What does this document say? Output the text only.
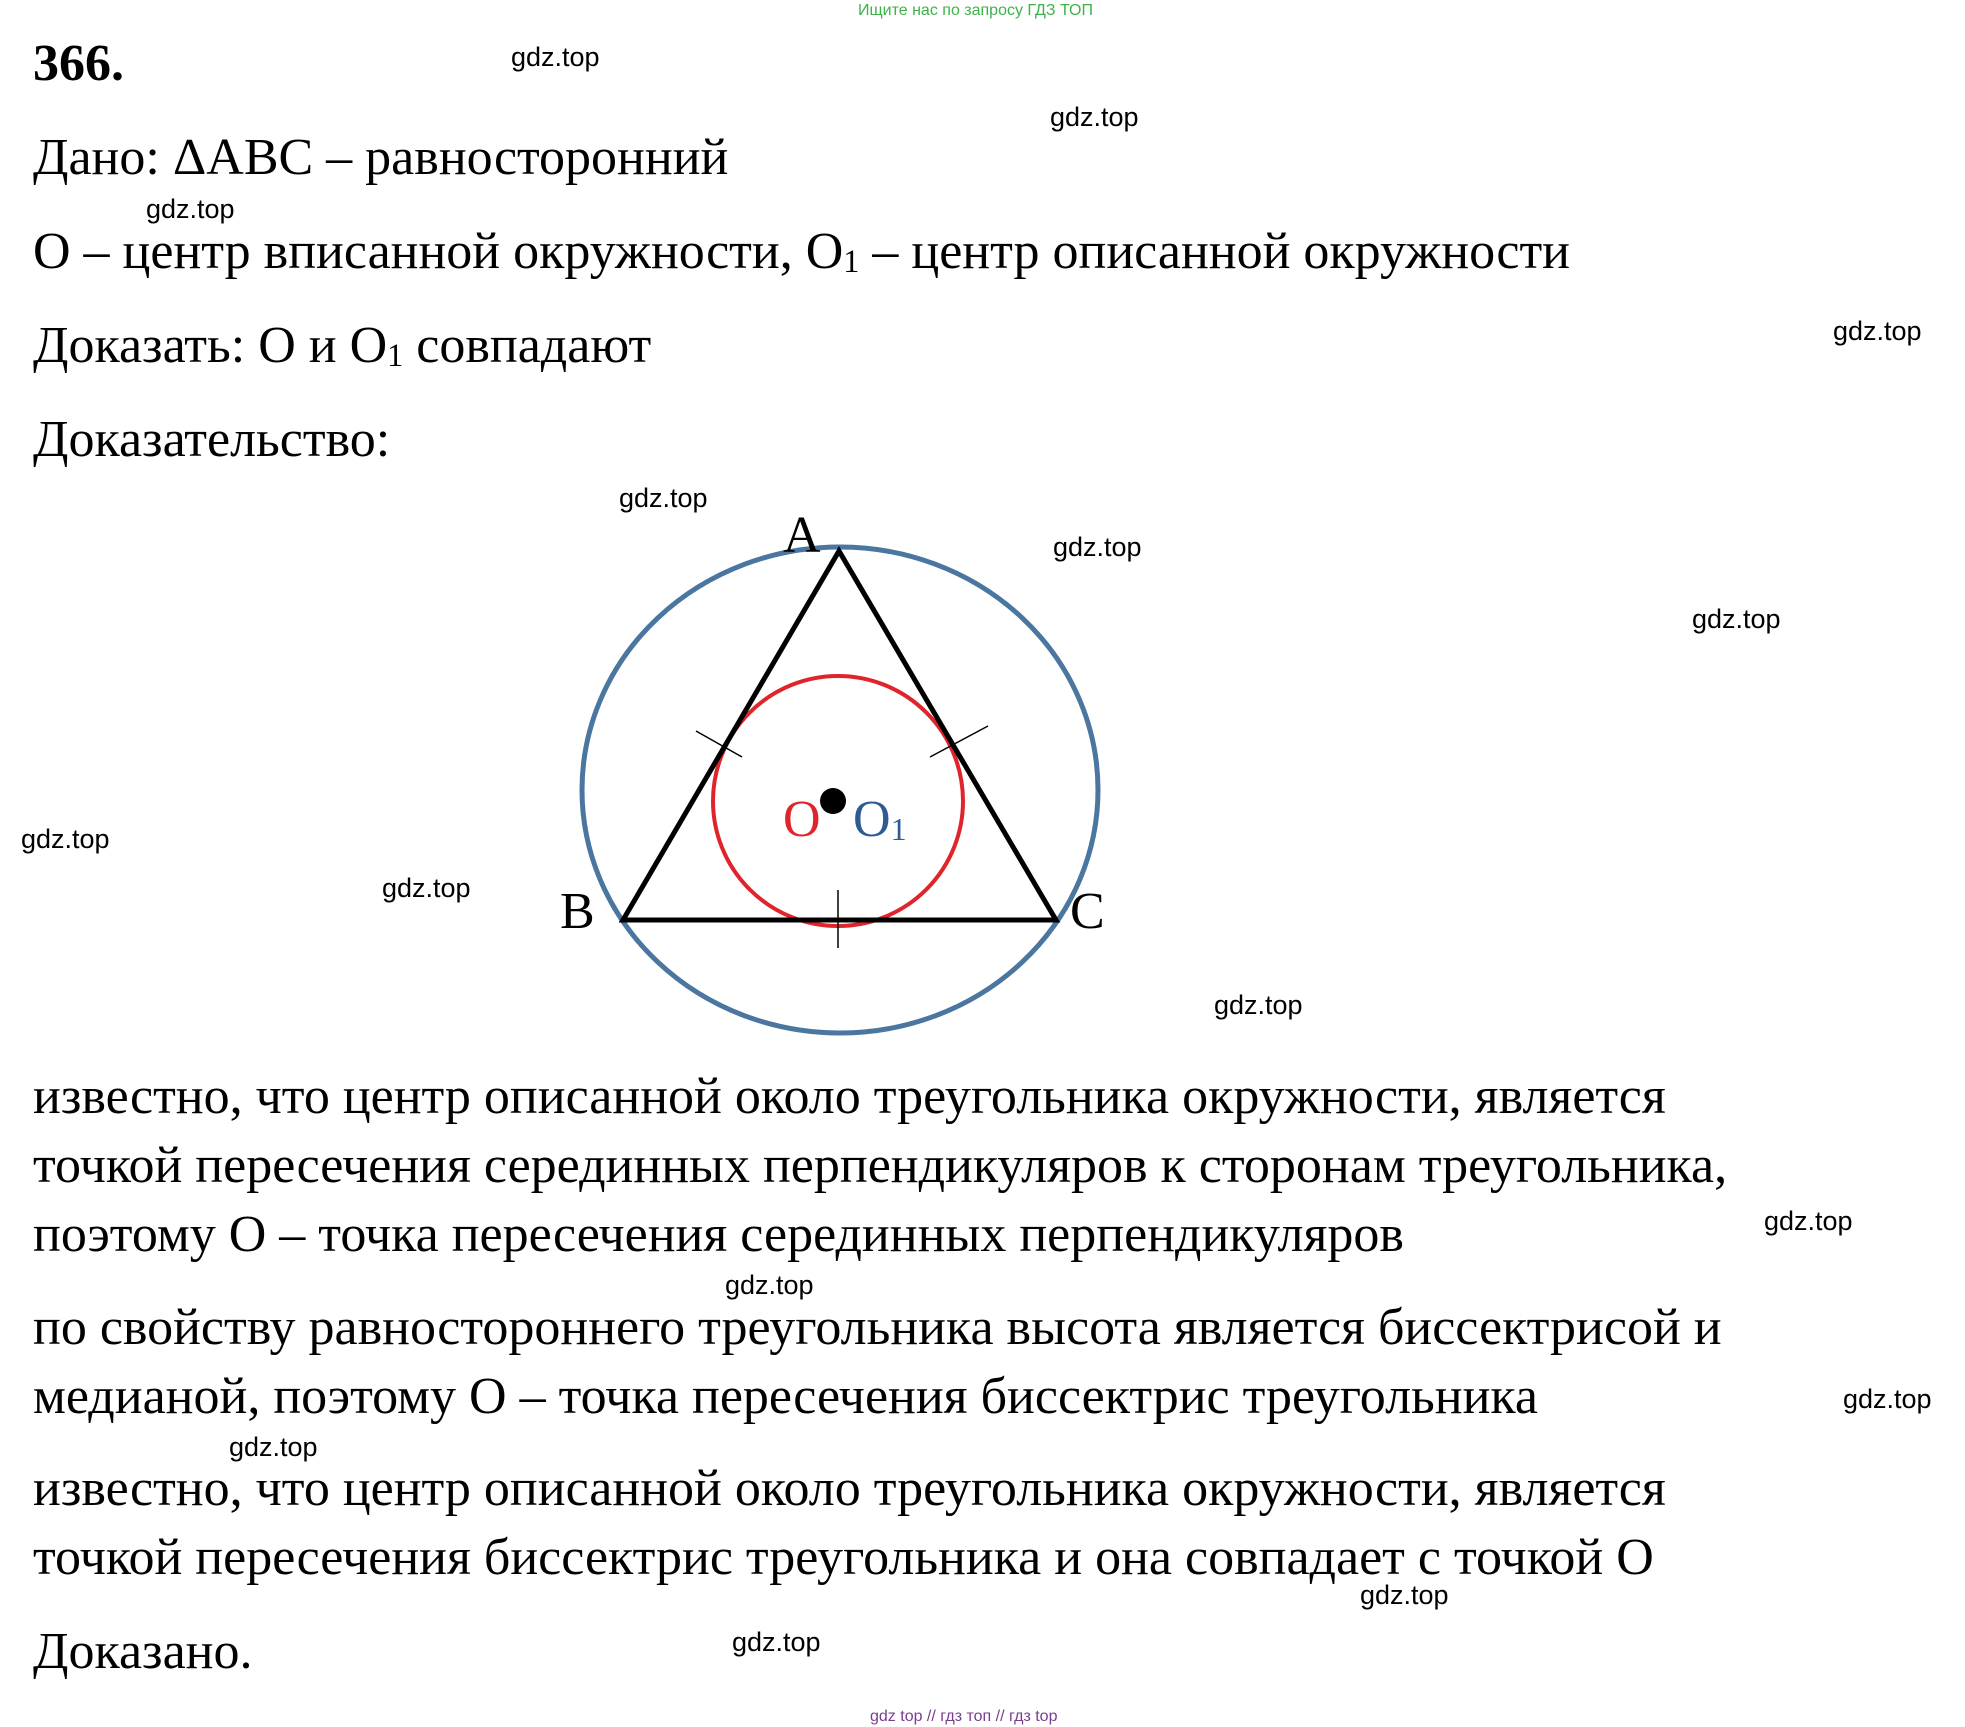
Ищите нас по запросу ГДЗ ТОП
366.
Дано: ΔABC – равносторонний
O – центр вписанной окружности, O1 – центр описанной окружности
Доказать: O и O1 совпадают
Доказательство:
A
B	C
O O1
известно, что центр описанной около треугольника окружности, является
точкой пересечения серединных перпендикуляров к сторонам треугольника,
поэтому O – точка пересечения серединных перпендикуляров
по свойству равностороннего треугольника высота является биссектрисой и
медианой, поэтому O – точка пересечения биссектрис треугольника
известно, что центр описанной около треугольника окружности, является
точкой пересечения биссектрис треугольника и она совпадает с точкой O
Доказано.
gdz.top
gdz.top
gdz.top
gdz.top
gdz.top
gdz.top
gdz.top
gdz.top
gdz.top
gdz.top
gdz.top
gdz.top
gdz.top
gdz.top
gdz.top
gdz.top
gdz top // гдз топ // гдз top
